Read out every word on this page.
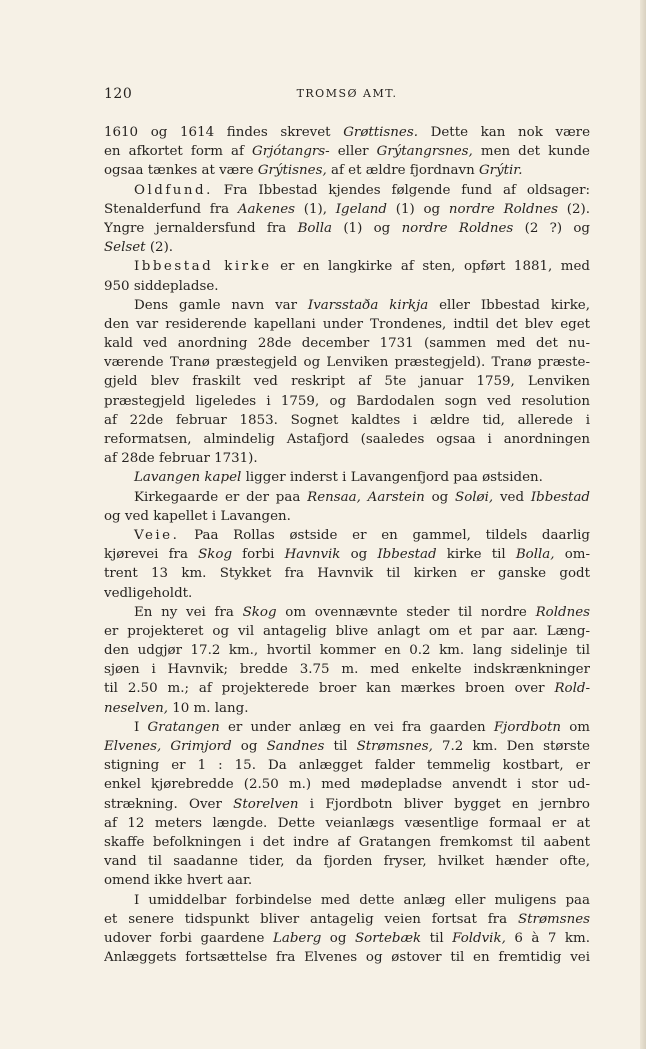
120	TROMSØ AMT.
1610 og 1614 findes skrevet Grøttisnes. Dette kan nok være
en afkortet form af Grjótangrs- eller Grýtangrsnes, men det kunde
ogsaa tænkes at være Grýtisnes, af et ældre fjordnavn Grýtir.
Oldfund. Fra Ibbestad kjendes følgende fund af oldsager:
Stenalderfund fra Aakenes (1), Igeland (1) og nordre Roldnes (2).
Yngre jernaldersfund fra Bolla (1) og nordre Roldnes (2 ?) og
Selset (2).
Ibbestad kirke er en langkirke af sten, opført 1881, med
950 siddepladse.
Dens gamle navn var Ivarsstaðа kirkja eller Ibbestad kirke,
den var residerende kapellani under Trondenes, indtil det blev eget
kald ved anordning 28de december 1731 (sammen med det nu-
værende Tranø præstegjeld og Lenviken præstegjeld). Tranø præste-
gjeld blev fraskilt ved reskript af 5te januar 1759, Lenviken
præstegjeld ligeledes i 1759, og Bardodalen sogn ved resolution
af 22de februar 1853. Sognet kaldtes i ældre tid, allerede i
reformatsen, almindelig Astafjord (saaledes ogsaa i anordningen
af 28de februar 1731).
Lavangen kapel ligger inderst i Lavangenfjord paa østsiden.
Kirkegaarde er der paa Rensaa, Aarstein og Soløi, ved Ibbestad
og ved kapellet i Lavangen.
Veie. Paa Rollas østside er en gammel, tildels daarlig
kjørevei fra Skog forbi Havnvik og Ibbestad kirke til Bolla, om-
trent 13 km. Stykket fra Havnvik til kirken er ganske godt
vedligeholdt.
En ny vei fra Skog om ovennævnte steder til nordre Roldnes
er projekteret og vil antagelig blive anlagt om et par aar. Læng-
den udgjør 17.2 km., hvortil kommer en 0.2 km. lang sidelinje til
sjøen i Havnvik; bredde 3.75 m. med enkelte indskrænkninger
til 2.50 m.; af projekterede broer kan mærkes broen over Rold-
neselven, 10 m. lang.
I Gratangen er under anlæg en vei fra gaarden Fjordbotn om
Elvenes, Grimjord og Sandnes til Strømsnes, 7.2 km. Den største
stigning er 1 : 15. Da anlægget falder temmelig kostbart, er
enkel kjørebredde (2.50 m.) med mødepladse anvendt i stor ud-
strækning. Over Storelven i Fjordbotn bliver bygget en jernbro
af 12 meters længde. Dette veianlægs væsentlige formaal er at
skaffe befolkningen i det indre af Gratangen fremkomst til aabent
vand til saadanne tider, da fjorden fryser, hvilket hænder ofte,
omend ikke hvert aar.
I umiddelbar forbindelse med dette anlæg eller muligens paa
et senere tidspunkt bliver antagelig veien fortsat fra Strømsnes
udover forbi gaardene Laberg og Sortebæk til Foldvik, 6 à 7 km.
Anlæggets fortsættelse fra Elvenes og østover til en fremtidig vei
